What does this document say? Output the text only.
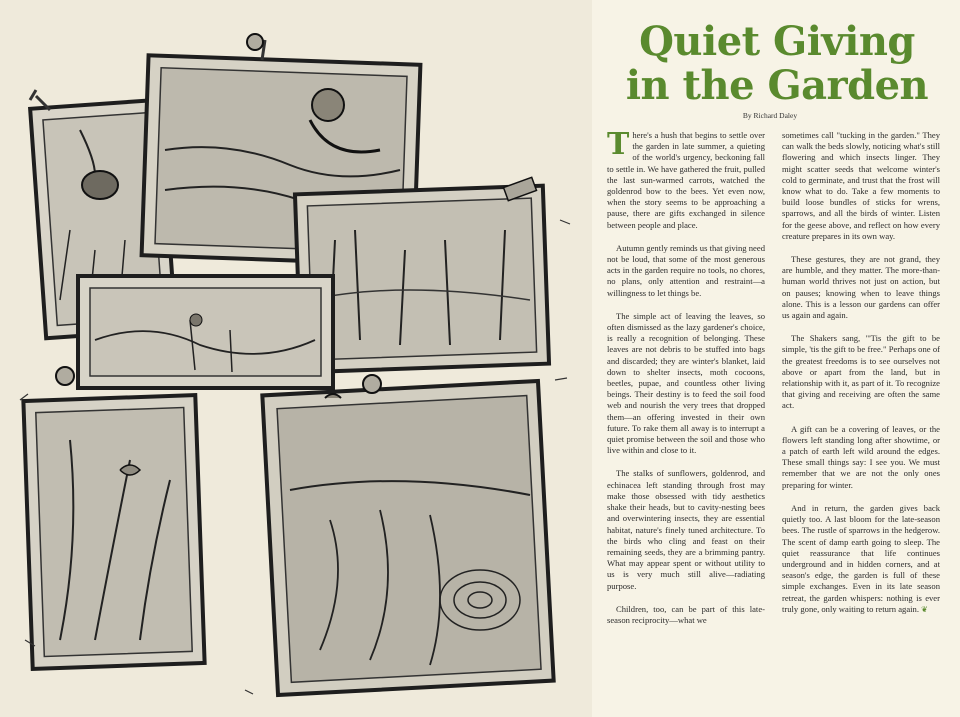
Quiet Giving
in the Garden
By Richard Daley

There's a hush that begins to settle over the garden in late summer, a quieting of the world's urgency, beckoning fall to settle in. We have gathered the fruit, pulled the last sun-warmed carrots, watched the goldenrod bow to the bees. Yet even now, when the story seems to be approaching a pause, there are gifts exchanged in silence between people and place.

Autumn gently reminds us that giving need not be loud, that some of the most generous acts in the garden require no tools, no chores, no plans, only attention and restraint—a willingness to let things be.

The simple act of leaving the leaves, so often dismissed as the lazy gardener's choice, is really a recognition of belonging. These leaves are not debris to be stuffed into bags and discarded; they are winter's blanket, laid down to shelter insects, moth cocoons, beetles, pupae, and countless other living beings. Their destiny is to feed the soil food web and nourish the very trees that dropped them—an offering invested in their own future. To rake them all away is to interrupt a quiet promise between the soil and those who live within and close to it.

The stalks of sunflowers, goldenrod, and echinacea left standing through frost may make those obsessed with tidy aesthetics shake their heads, but to cavity-nesting bees and overwintering insects, they are essential habitat, nature's finely tuned architecture. To the birds who cling and feast on their remaining seeds, they are a brimming pantry. What may appear spent or without utility to us is very much still alive—radiating purpose.

Children, too, can be part of this late-season reciprocity—what we

sometimes call "tucking in the garden." They can walk the beds slowly, noticing what's still flowering and which insects linger. They might scatter seeds that welcome winter's cold to germinate, and trust that the frost will know what to do. Take a few moments to build loose bundles of sticks for wrens, sparrows, and all the birds of winter. Listen for the geese above, and reflect on how every creature prepares in its own way.

These gestures, they are not grand, they are humble, and they matter. The more-than-human world thrives not just on action, but on pauses; knowing when to leave things alone. This is a lesson our gardens can offer us again and again.

The Shakers sang, "'Tis the gift to be simple, 'tis the gift to be free." Perhaps one of the greatest freedoms is to see ourselves not above or apart from the land, but in relationship with it, as part of it. To recognize that giving and receiving are often the same act.

A gift can be a covering of leaves, or the flowers left standing long after showtime, or a patch of earth left wild around the edges. These small things say: I see you. We must remember that we are not the only ones preparing for winter.

And in return, the garden gives back quietly too. A last bloom for the late-season bees. The rustle of sparrows in the hedgerow. The scent of damp earth going to sleep. The quiet reassurance that life continues underground and in hidden corners, and at season's edge, the garden is full of these simple exchanges. Even in its late season retreat, the garden whispers: nothing is ever truly gone, only waiting to return again. ❦
